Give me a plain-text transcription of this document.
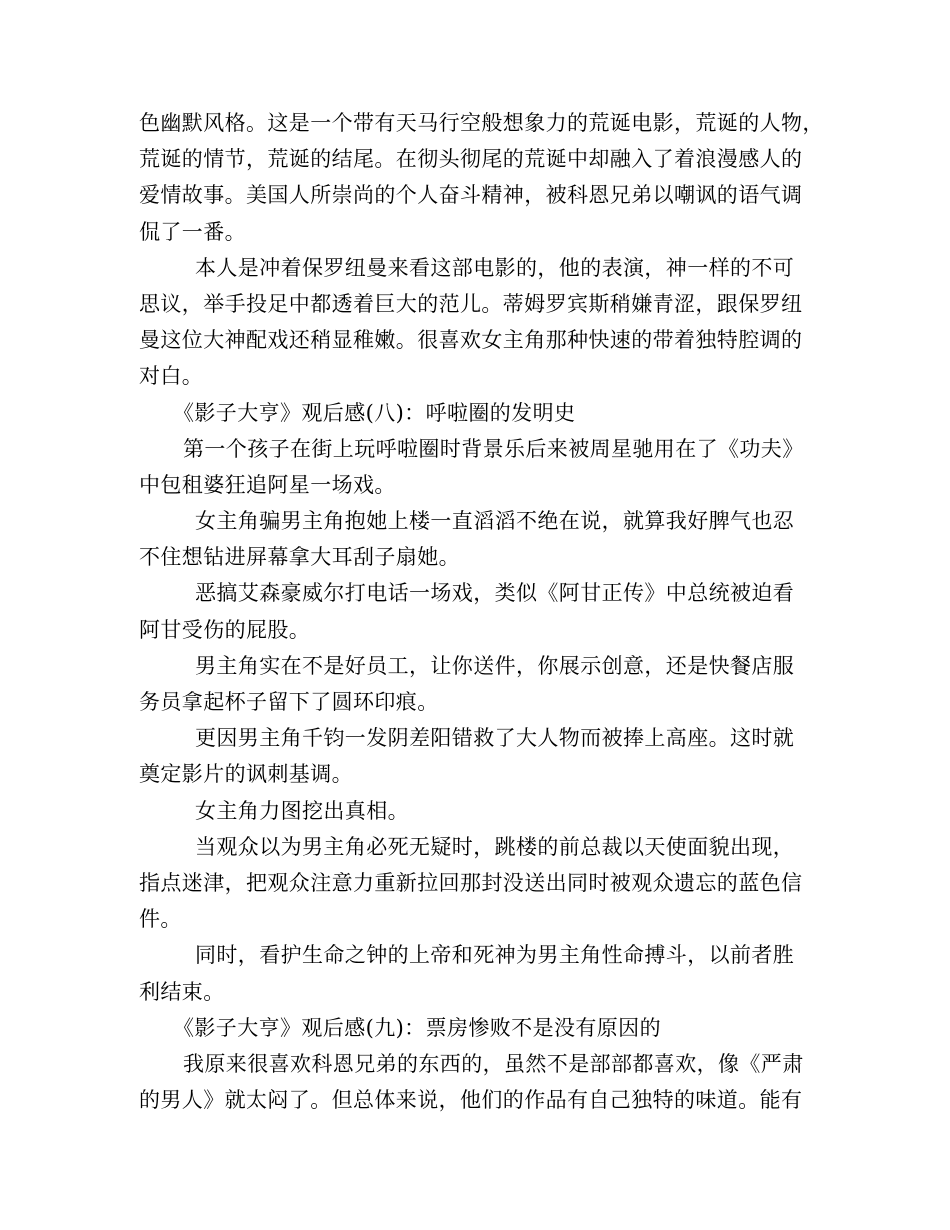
色幽默风格。这是一个带有天马行空般想象力的荒诞电影，荒诞的人物，
荒诞的情节，荒诞的结尾。在彻头彻尾的荒诞中却融入了着浪漫感人的
爱情故事。美国人所崇尚的个人奋斗精神，被科恩兄弟以嘲讽的语气调
侃了一番。
本人是冲着保罗纽曼来看这部电影的，他的表演，神一样的不可
思议，举手投足中都透着巨大的范儿。蒂姆罗宾斯稍嫌青涩，跟保罗纽
曼这位大神配戏还稍显稚嫩。很喜欢女主角那种快速的带着独特腔调的
对白。
《影子大亨》观后感(八)：呼啦圈的发明史
第一个孩子在街上玩呼啦圈时背景乐后来被周星驰用在了《功夫》
中包租婆狂追阿星一场戏。
女主角骗男主角抱她上楼一直滔滔不绝在说，就算我好脾气也忍
不住想钻进屏幕拿大耳刮子扇她。
恶搞艾森豪威尔打电话一场戏，类似《阿甘正传》中总统被迫看
阿甘受伤的屁股。
男主角实在不是好员工，让你送件，你展示创意，还是快餐店服
务员拿起杯子留下了圆环印痕。
更因男主角千钧一发阴差阳错救了大人物而被捧上高座。这时就
奠定影片的讽刺基调。
女主角力图挖出真相。
当观众以为男主角必死无疑时，跳楼的前总裁以天使面貌出现，
指点迷津，把观众注意力重新拉回那封没送出同时被观众遗忘的蓝色信
件。
同时，看护生命之钟的上帝和死神为男主角性命搏斗，以前者胜
利结束。
《影子大亨》观后感(九)：票房惨败不是没有原因的
我原来很喜欢科恩兄弟的东西的，虽然不是部部都喜欢，像《严肃
的男人》就太闷了。但总体来说，他们的作品有自己独特的味道。能有
